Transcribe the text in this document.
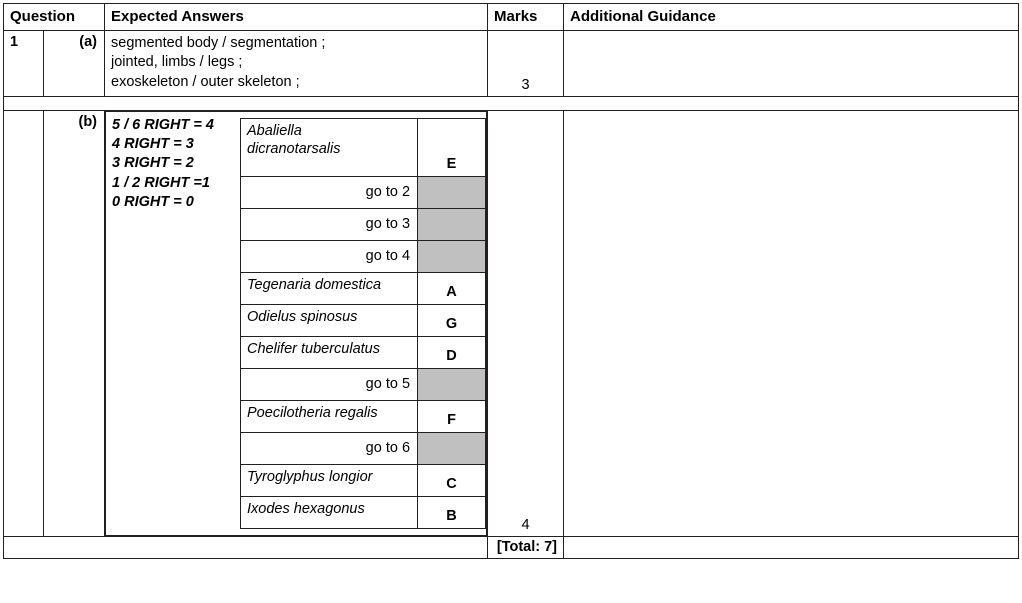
Question	Expected Answers	Marks	Additional Guidance
1	(a)	segmented body / segmentation ;
jointed, limbs / legs ;
exoskeleton / outer skeleton ;	3

	(b)	5 / 6 RIGHT = 4
4 RIGHT = 3
3 RIGHT = 2
1 / 2 RIGHT =1
0 RIGHT = 0
Abaliella
dicranotarsalis	E
go to 2	
go to 3	
go to 4	
Tegenaria domestica	A
Odielus spinosus	G
Chelifer tuberculatus	D
go to 5	
Poecilotheria regalis	F
go to 6	
Tyroglyphus longior	C
Ixodes hexagonus	B
4

	[Total: 7]	
